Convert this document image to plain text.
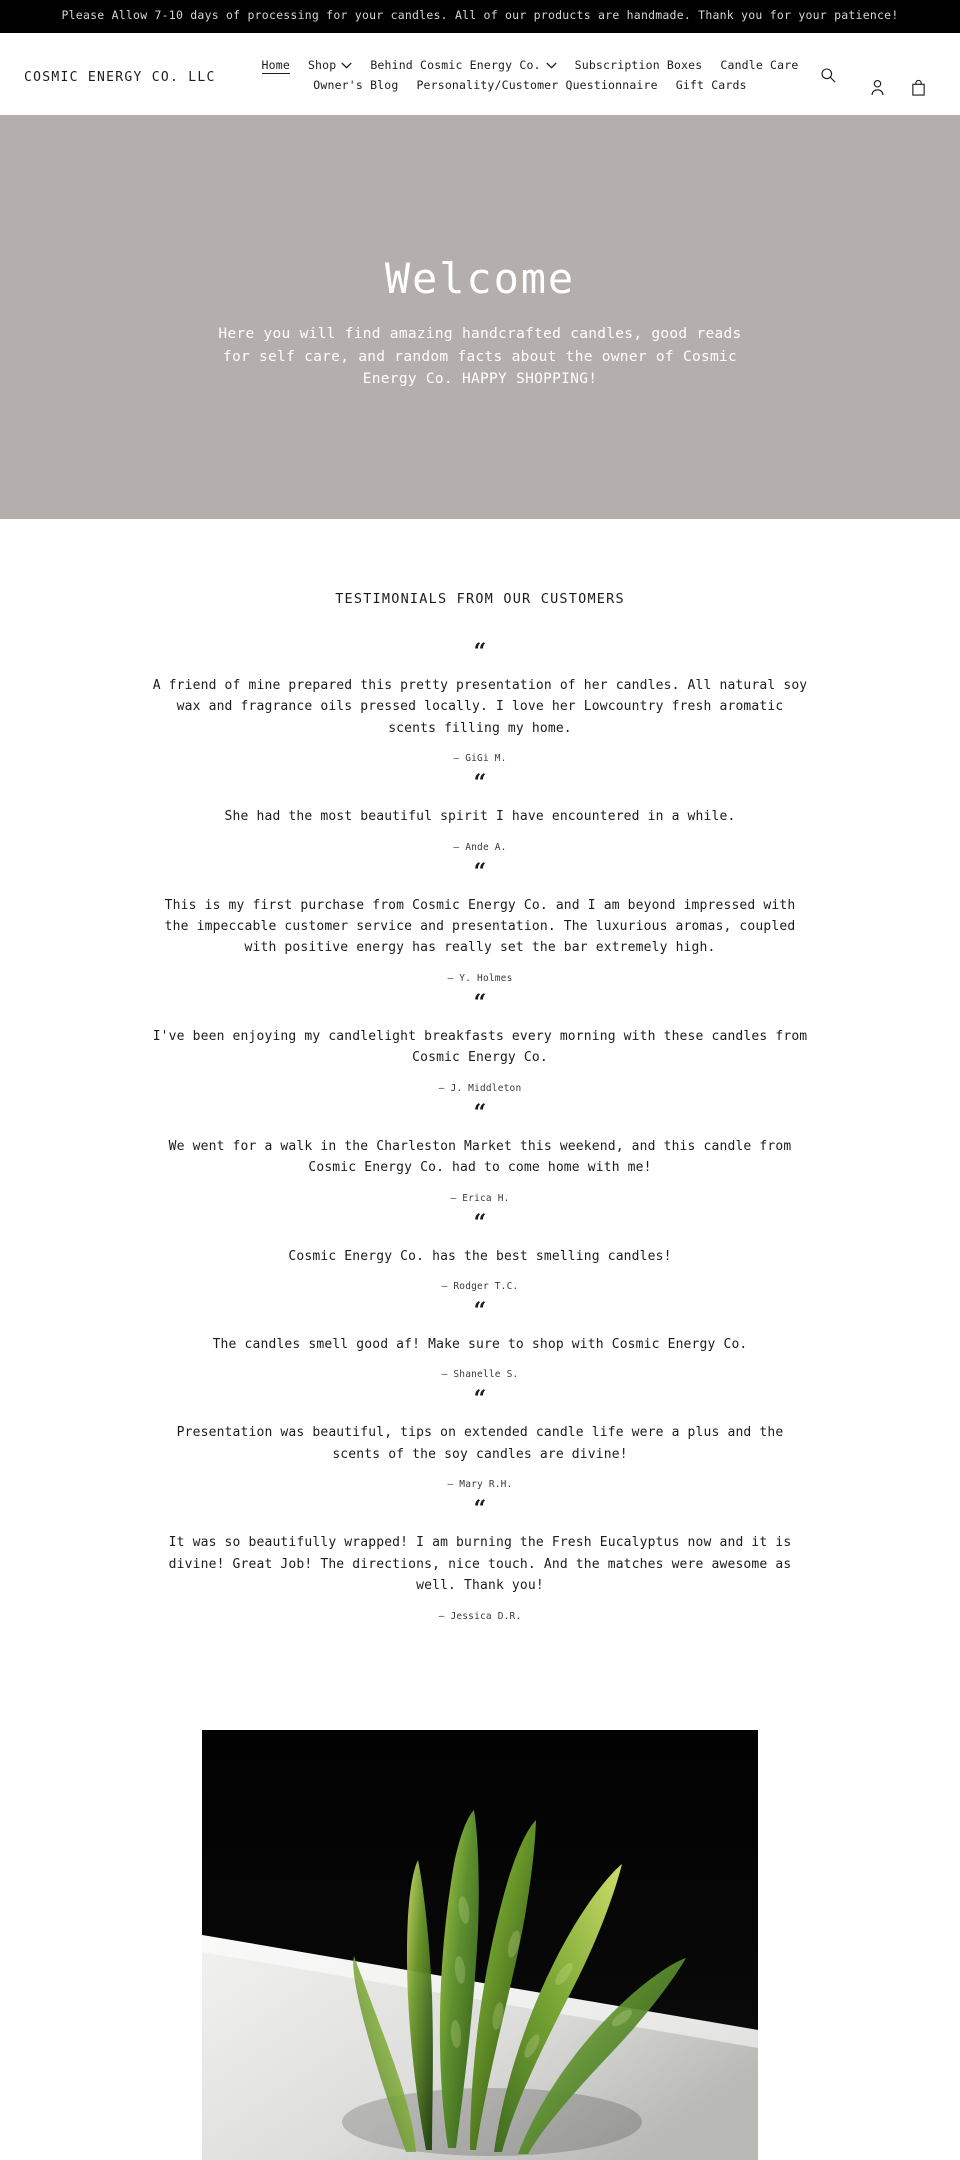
Please Allow 7-10 days of processing for your candles. All of our products are handmade. Thank you for your patience!
COSMIC ENERGY CO. LLC
Home Shop	Behind Cosmic Energy Co.	Subscription Boxes Candle CareOwner's Blog Personality/Customer Questionnaire Gift Cards
Welcome

Here you will find amazing handcrafted candles, good reads for self care, and random facts about the owner of Cosmic Energy Co. HAPPY SHOPPING!

TESTIMONIALS FROM OUR CUSTOMERS
“

A friend of mine prepared this pretty presentation of her candles. All natural soy wax and fragrance oils pressed locally. I love her Lowcountry fresh aromatic scents filling my home.

— GiGi M.
“

She had the most beautiful spirit I have encountered in a while.

— Ande A.
“

This is my first purchase from Cosmic Energy Co. and I am beyond impressed with the impeccable customer service and presentation. The luxurious aromas, coupled with positive energy has really set the bar extremely high.

— Y. Holmes
“

I've been enjoying my candlelight breakfasts every morning with these candles from Cosmic Energy Co.

— J. Middleton
“

We went for a walk in the Charleston Market this weekend, and this candle from Cosmic Energy Co. had to come home with me!

— Erica H.
“

Cosmic Energy Co. has the best smelling candles!

— Rodger T.C.
“

The candles smell good af! Make sure to shop with Cosmic Energy Co.

— Shanelle S.
“

Presentation was beautiful, tips on extended candle life were a plus and the scents of the soy candles are divine!

— Mary R.H.
“

It was so beautifully wrapped! I am burning the Fresh Eucalyptus now and it is divine! Great Job! The directions, nice touch. And the matches were awesome as well. Thank you!

— Jessica D.R.
